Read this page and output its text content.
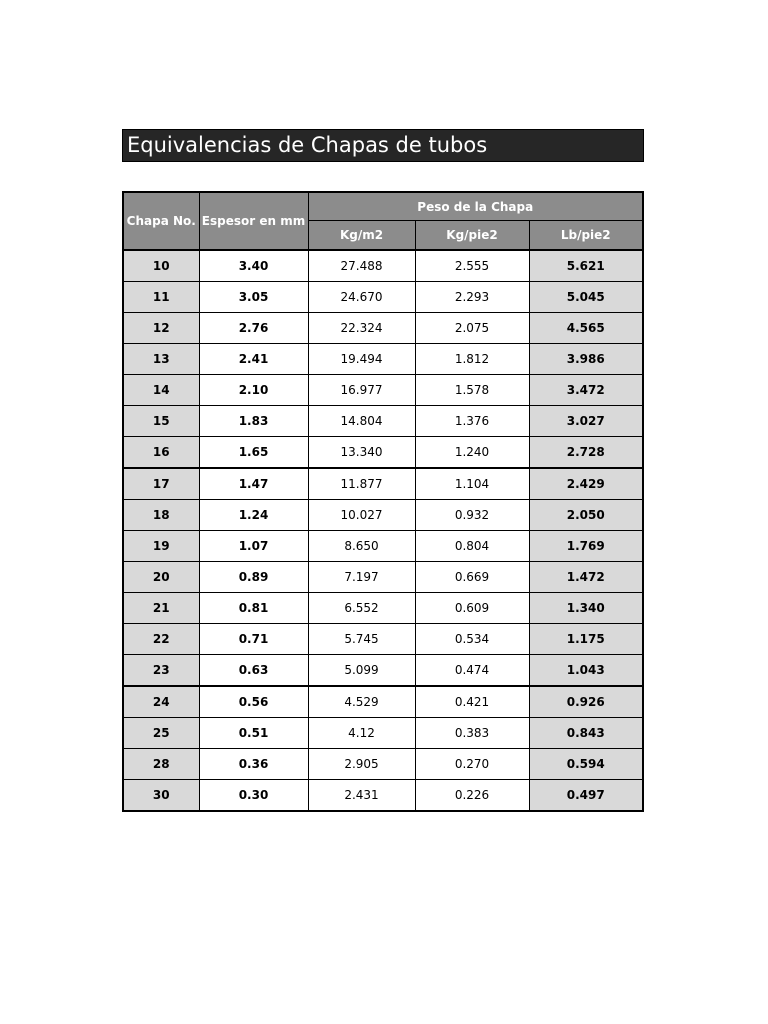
Equivalencias de Chapas de tubos
Chapa No.	Espesor en mm	Peso de la Chapa		
		Kg/m2	Kg/pie2	Lb/pie2
10	3.40	27.488	2.555	5.621
11	3.05	24.670	2.293	5.045
12	2.76	22.324	2.075	4.565
13	2.41	19.494	1.812	3.986
14	2.10	16.977	1.578	3.472
15	1.83	14.804	1.376	3.027
16	1.65	13.340	1.240	2.728
17	1.47	11.877	1.104	2.429
18	1.24	10.027	0.932	2.050
19	1.07	8.650	0.804	1.769
20	0.89	7.197	0.669	1.472
21	0.81	6.552	0.609	1.340
22	0.71	5.745	0.534	1.175
23	0.63	5.099	0.474	1.043
24	0.56	4.529	0.421	0.926
25	0.51	4.12	0.383	0.843
28	0.36	2.905	0.270	0.594
30	0.30	2.431	0.226	0.497
